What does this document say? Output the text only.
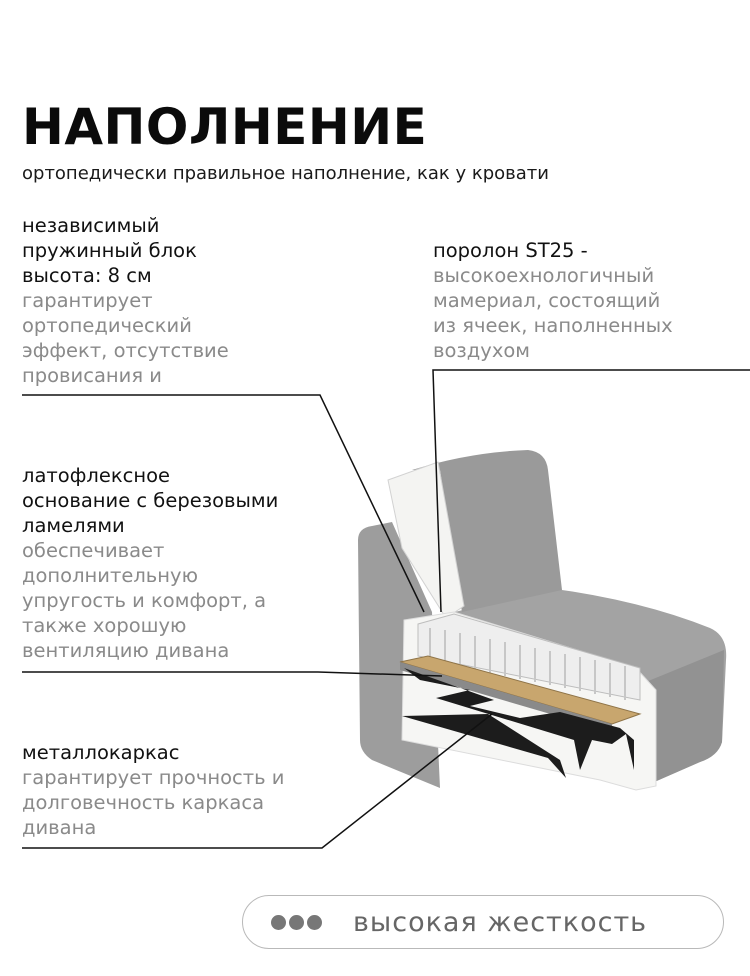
НАПОЛНЕНИЕ
ортопедически правильное наполнение, как у кровати
независимый
пружинный блок
высота: 8 см
гарантирует
ортопедический
эффект, отсутствие
провисания и
поролон ST25 -
высокоехнологичный
мамериал, состоящий
из ячеек, наполненных
воздухом
латофлексное
основание с березовыми
ламелями
обеспечивает
дополнительную
упругость и комфорт, а
также хорошую
вентиляцию дивана
металлокаркас
гарантирует прочность и
долговечность каркаса
дивана
высокая жесткость
